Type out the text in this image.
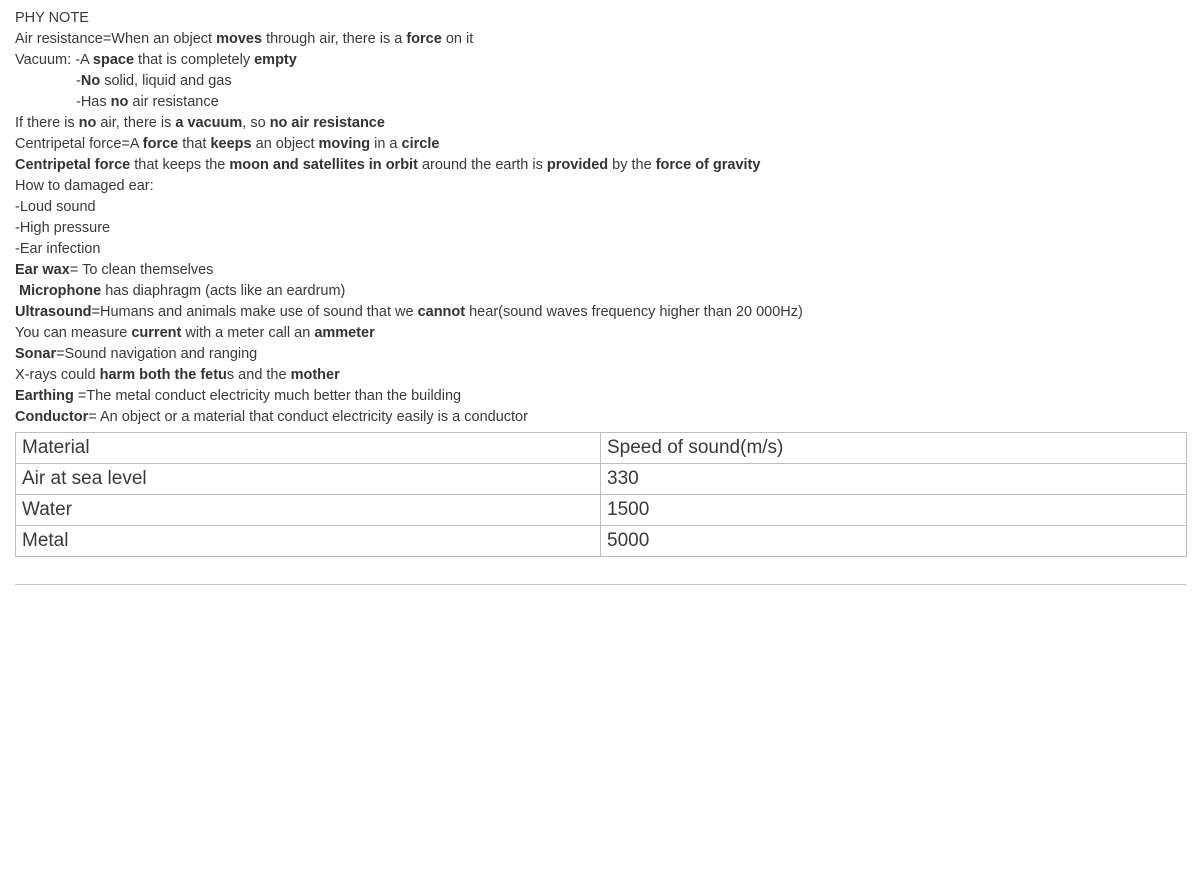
PHY NOTE
Air resistance=When an object moves through air, there is a force on it
Vacuum: -A space that is completely empty
-No solid, liquid and gas
-Has no air resistance
If there is no air, there is a vacuum, so no air resistance
Centripetal force=A force that keeps an object moving in a circle
Centripetal force that keeps the moon and satellites in orbit around the earth is provided by the force of gravity
How to damaged ear:
-Loud sound
-High pressure
-Ear infection
Ear wax= To clean themselves
Microphone has diaphragm (acts like an eardrum)
Ultrasound=Humans and animals make use of sound that we cannot hear(sound waves frequency higher than 20 000Hz)
You can measure current with a meter call an ammeter
Sonar=Sound navigation and ranging
X-rays could harm both the fetus and the mother
Earthing =The metal conduct electricity much better than the building
Conductor= An object or a material that conduct electricity easily is a conductor
Material	Speed of sound(m/s)
Air at sea level	330
Water	1500
Metal	5000
